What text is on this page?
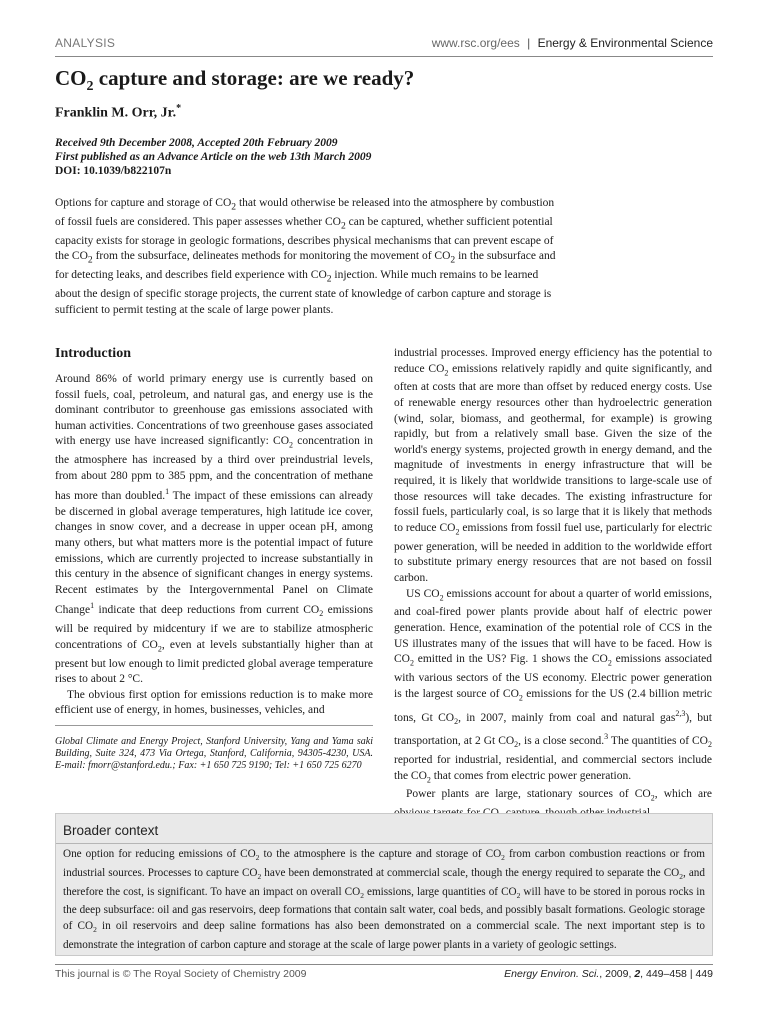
ANALYSIS	www.rsc.org/ees | Energy & Environmental Science
$CO_2$ capture and storage: are we ready?

Franklin M. Orr, Jr.*

Received 9th December 2008, Accepted 20th February 2009
First published as an Advance Article on the web 13th March 2009
DOI: 10.1039/b822107n

Options for capture and storage of $CO_2$ that would otherwise be released into the atmosphere by combustion of fossil fuels are considered. This paper assesses whether $CO_2$ can be captured, whether sufficient potential capacity exists for storage in geologic formations, describes physical mechanisms that can prevent escape of the $CO_2$ from the subsurface, delineates methods for monitoring the movement of $CO_2$ in the subsurface and for detecting leaks, and describes field experience with $CO_2$ injection. While much remains to be learned about the design of specific storage projects, the current state of knowledge of carbon capture and storage is sufficient to permit testing at the scale of large power plants.

Introduction

Around 86% of world primary energy use is currently based on fossil fuels, coal, petroleum, and natural gas, and energy use is the dominant contributor to greenhouse gas emissions associated with human activities. Concentrations of two greenhouse gases associated with energy use have increased significantly: $CO_2$ concentration in the atmosphere has increased by a third over preindustrial levels, from about 280 ppm to 385 ppm, and the concentration of methane has more than doubled.$^1$ The impact of these emissions can already be discerned in global average temperatures, high latitude ice cover, changes in snow cover, and a decrease in upper ocean pH, among many others, but what matters more is the potential impact of future emissions, which are currently projected to increase substantially in this century in the absence of significant changes in energy systems. Recent estimates by the Intergovernmental Panel on Climate Change$^1$ indicate that deep reductions from current $CO_2$ emissions will be required by midcentury if we are to stabilize atmospheric concentrations of $CO_2$, even at levels substantially higher than at present but low enough to limit predicted global average temperature rises to about 2 °C.

The obvious first option for emissions reduction is to make more efficient use of energy, in homes, businesses, vehicles, and

industrial processes. Improved energy efficiency has the potential to reduce $CO_2$ emissions relatively rapidly and quite significantly, and often at costs that are more than offset by reduced energy costs. Use of renewable energy resources other than hydroelectric generation (wind, solar, biomass, and geothermal, for example) is growing rapidly, but from a relatively small base. Given the size of the world's energy systems, projected growth in energy demand, and the magnitude of investments in energy infrastructure that will be required, it is likely that worldwide transitions to large-scale use of those resources will take decades. The existing infrastructure for fossil fuels, particularly coal, is so large that it is likely that methods to reduce $CO_2$ emissions from fossil fuel use, particularly for electric power generation, will be needed in addition to the worldwide effort to substitute primary energy resources that are not based on fossil carbon.

US $CO_2$ emissions account for about a quarter of world emissions, and coal-fired power plants provide about half of electric power generation. Hence, examination of the potential role of CCS in the US illustrates many of the issues that will have to be faced. How is $CO_2$ emitted in the US? Fig. 1 shows the $CO_2$ emissions associated with various sectors of the US economy. Electric power generation is the largest source of $CO_2$ emissions for the US (2.4 billion metric tons, Gt $CO_2$, in 2007, mainly from coal and natural gas$^{2,3}$), but transportation, at 2 Gt $CO_2$, is a close second.$^3$ The quantities of $CO_2$ reported for industrial, residential, and commercial sectors include the $CO_2$ that comes from electric power generation.

Power plants are large, stationary sources of $CO_2$, which are

Global Climate and Energy Project, Stanford University, Yang and Yama saki Building, Suite 324, 473 Via Ortega, Stanford, California, 94305-4230, USA. E-mail: fmorr@stanford.edu.; Fax: +1 650 725 9190; Tel: +1 650 725 6270
Broader context
One option for reducing emissions of $CO_2$ to the atmosphere is the capture and storage of $CO_2$ from carbon combustion reactions or from industrial sources. Processes to capture $CO_2$ have been demonstrated at commercial scale, though the energy required to separate the $CO_2$, and therefore the cost, is significant. To have an impact on overall $CO_2$ emissions, large quantities of $CO_2$ will have to be stored in porous rocks in the deep subsurface: oil and gas reservoirs, deep formations that contain salt water, coal beds, and possibly basalt formations. Geologic storage of $CO_2$ in oil reservoirs and deep saline formations has also been demonstrated on a commercial scale. The next important step is to demonstrate the integration of carbon capture and storage at the scale of large power plants in a variety of geologic settings.
This journal is © The Royal Society of Chemistry 2009	Energy Environ. Sci., 2009, 2, 449–458 | 449
